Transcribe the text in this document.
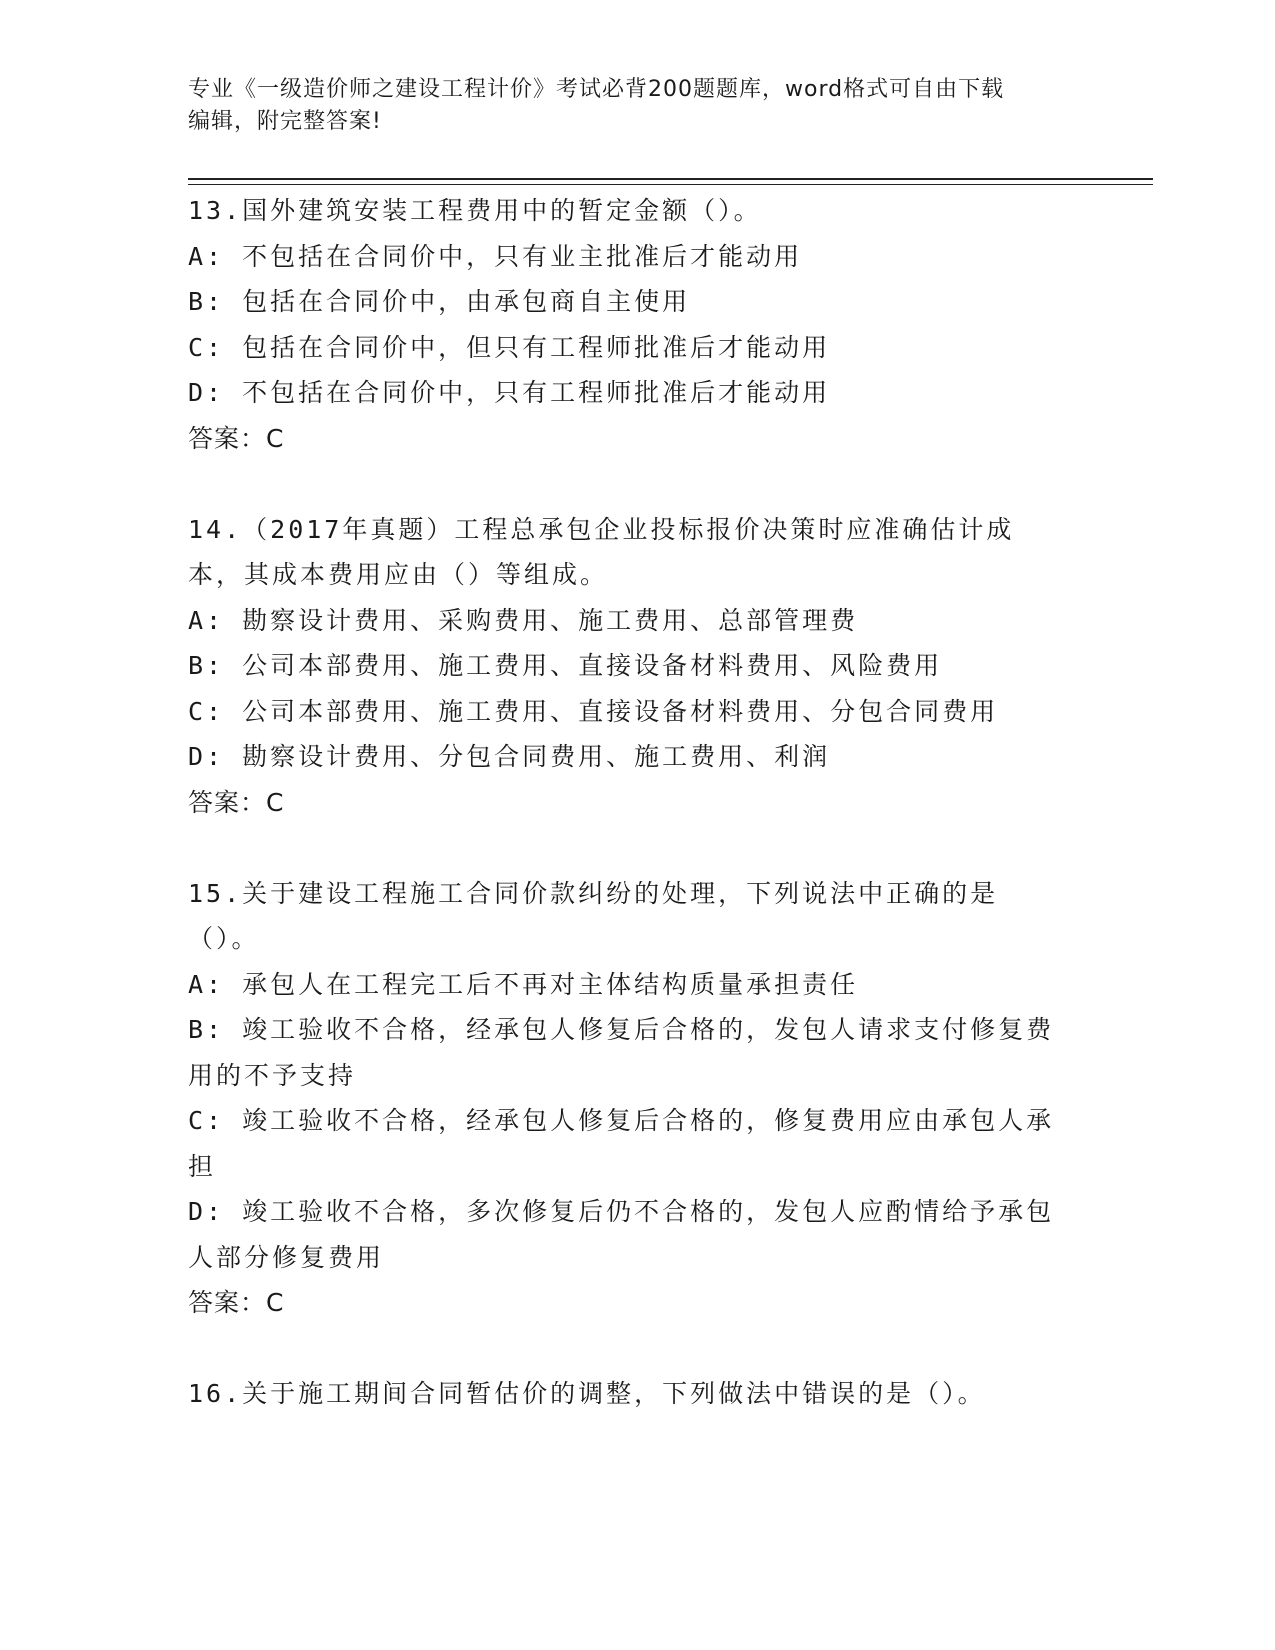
专业《一级造价师之建设工程计价》考试必背200题题库，word格式可自由下载
编辑，附完整答案!
13.国外建筑安装工程费用中的暂定金额（）。
A: 不包括在合同价中，只有业主批准后才能动用
B: 包括在合同价中，由承包商自主使用
C: 包括在合同价中，但只有工程师批准后才能动用
D: 不包括在合同价中，只有工程师批准后才能动用
答案：C
14.（2017年真题）工程总承包企业投标报价决策时应准确估计成本，其成本费用应由（）等组成。
A: 勘察设计费用、采购费用、施工费用、总部管理费
B: 公司本部费用、施工费用、直接设备材料费用、风险费用
C: 公司本部费用、施工费用、直接设备材料费用、分包合同费用
D: 勘察设计费用、分包合同费用、施工费用、利润
答案：C
15.关于建设工程施工合同价款纠纷的处理，下列说法中正确的是（）。
A: 承包人在工程完工后不再对主体结构质量承担责任
B: 竣工验收不合格，经承包人修复后合格的，发包人请求支付修复费用的不予支持
C: 竣工验收不合格，经承包人修复后合格的，修复费用应由承包人承担
D: 竣工验收不合格，多次修复后仍不合格的，发包人应酌情给予承包人部分修复费用
答案：C
16.关于施工期间合同暂估价的调整，下列做法中错误的是（）。
